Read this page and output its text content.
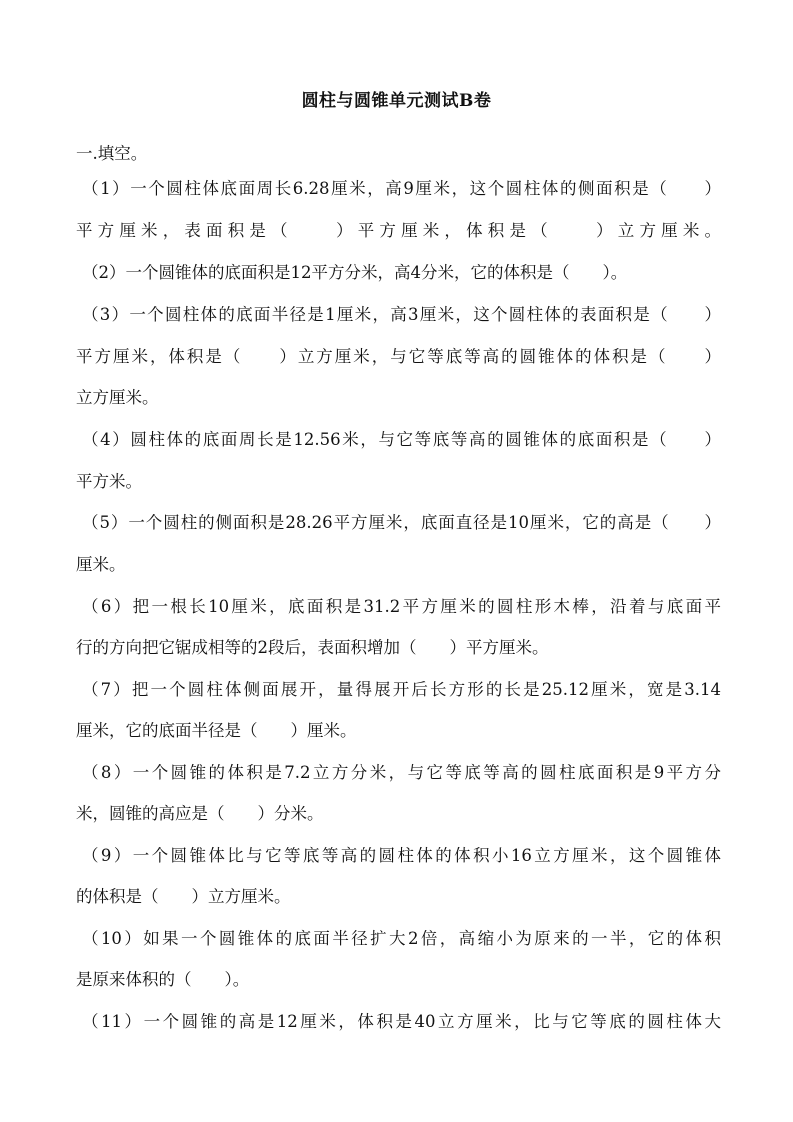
圆柱与圆锥单元测试B卷
一.填空。
（1）一个圆柱体底面周长6.28厘米，高9厘米，这个圆柱体的侧面积是（　　）
平方厘米，表面积是（　　）平方厘米，体积是（　　）立方厘米。
（2）一个圆锥体的底面积是12平方分米，高4分米，它的体积是（　　）。
（3）一个圆柱体的底面半径是1厘米，高3厘米，这个圆柱体的表面积是（　　）
平方厘米，体积是（　　）立方厘米，与它等底等高的圆锥体的体积是（　　）
立方厘米。
（4）圆柱体的底面周长是12.56米，与它等底等高的圆锥体的底面积是（　　）
平方米。
（5）一个圆柱的侧面积是28.26平方厘米，底面直径是10厘米，它的高是（　　）
厘米。
（6）把一根长10厘米，底面积是31.2平方厘米的圆柱形木棒，沿着与底面平
行的方向把它锯成相等的2段后，表面积增加（　　）平方厘米。
（7）把一个圆柱体侧面展开，量得展开后长方形的长是25.12厘米，宽是3.14
厘米，它的底面半径是（　　）厘米。
（8）一个圆锥的体积是7.2立方分米，与它等底等高的圆柱底面积是9平方分
米，圆锥的高应是（　　）分米。
（9）一个圆锥体比与它等底等高的圆柱体的体积小16立方厘米，这个圆锥体
的体积是（　　）立方厘米。
（10）如果一个圆锥体的底面半径扩大2倍，高缩小为原来的一半，它的体积
是原来体积的（　　）。
（11）一个圆锥的高是12厘米，体积是40立方厘米，比与它等底的圆柱体大
